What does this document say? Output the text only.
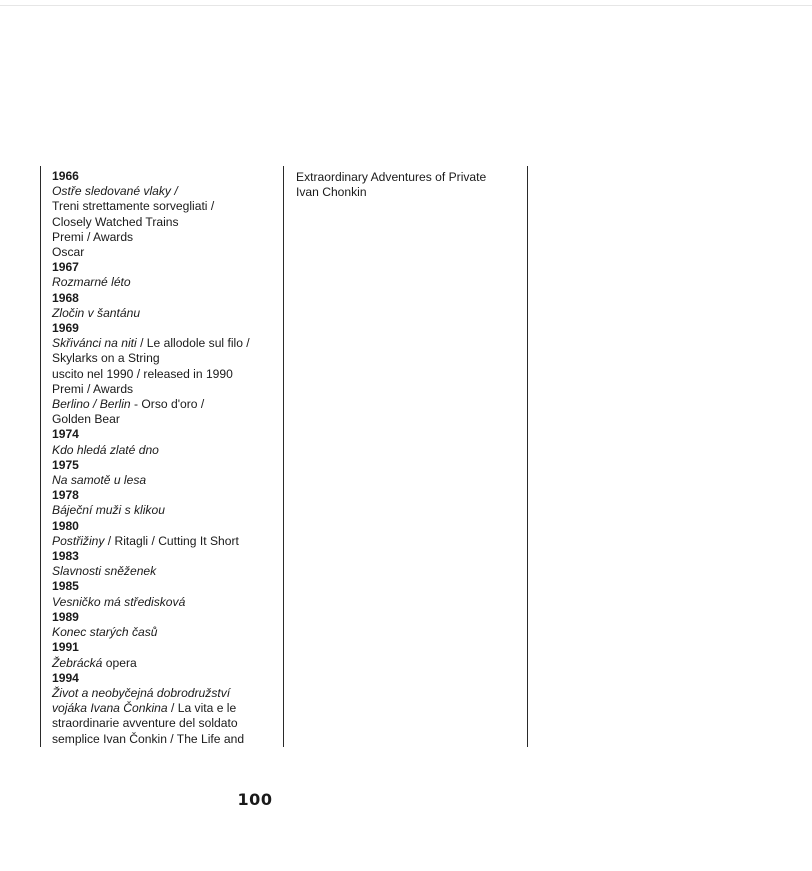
1966
Ostře sledované vlaky /
Treni strettamente sorvegliati /
Closely Watched Trains
Premi / Awards
Oscar
1967
Rozmarné léto
1968
Zločin v šantánu
1969
Skřivánci na niti / Le allodole sul filo /
Skylarks on a String
uscito nel 1990 / released in 1990
Premi / Awards
Berlino / Berlin - Orso d'oro /
Golden Bear
1974
Kdo hledá zlaté dno
1975
Na samotě u lesa
1978
Báječní muži s klikou
1980
Postřižiny / Ritagli / Cutting It Short
1983
Slavnosti sněženek
1985
Vesničko má středisková
1989
Konec starých časů
1991
Žebrácká opera
1994
Život a neobyčejná dobrodružství
vojáka Ivana Čonkina / La vita e le
straordinarie avventure del soldato
semplice Ivan Čonkin / The Life and
Extraordinary Adventures of Private
Ivan Chonkin
100
